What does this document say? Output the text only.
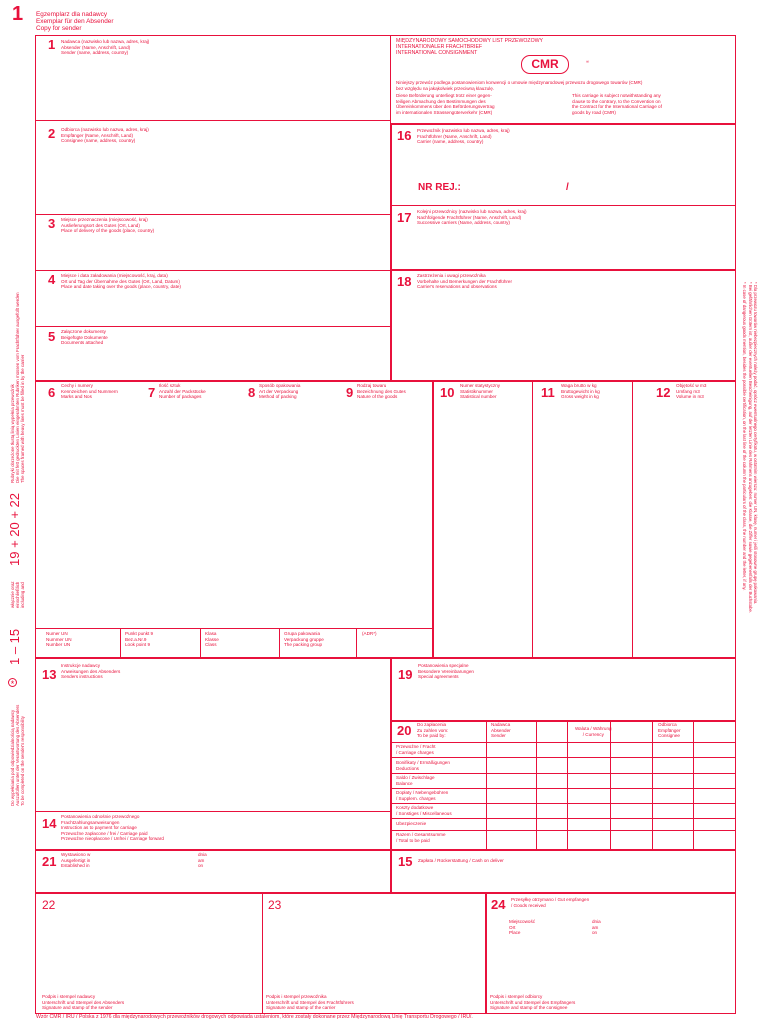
1 Egzemplarz dla nadawcy
Exemplar für den Absender
Copy for sender
MIĘDZYNARODOWY SAMOCHODOWY LIST PRZEWOZOWY
INTERNATIONALER FRACHTBRIEF
INTERNATIONAL CONSIGNMENT
CMR	ꟹ
Niniejszy przewóz podlega postanowieniom konwencji o umowie międzynarodowej przewozu drogowego towarów (CMR) bez względu na jakąkolwiek przeciwną klauzulę.
Diese Beförderung unterliegt trotz einer gegen-
teiligen Abmachung den Bestimmungen des
Übereinkommens über den Beförderungsvertrag
im internationalen Strassengüterverkehr (CMR)
This carriage is subject notwithstanding any
clause to the contrary, to the Convention on
the Contract for the International Carriage of
goods by road (CMR)
1 Nadawca (nazwisko lub nazwa, adres, kraj)
Absender (Name, Anschrift, Land)
Sender (name, address, country)
2 Odbiorca (nazwisko lub nazwa, adres, kraj)
Empfänger (Name, Anschrift, Land)
Consignee (name, address, country)
3 Miejsce przeznaczenia (miejscowość, kraj)
Auslieferungsort des Gutes (Ort, Land)
Place of delivery of the goods (place, country)
4 Miejsce i data załadowania (miejscowość, kraj, data)
Ort und Tag der Übernahme des Gutes (Ort, Land, Datum)
Place and date taking over the goods (place, country, date)
5 Załączone dokumenty
Beigefügte Dokumente
Documents attached
16 Przewoźnik (nazwisko lub nazwa, adres, kraj)
Frachtführer (Name, Anschrift, Land)
Carrier (name, address, country)
NR REJ.:	/
17 Kolejni przewoźnicy (nazwisko lub nazwa, adres, kraj)
Nachfolgende Frachtführer (Name, Anschrift, Land)
Successive carriers (Name, address, country)
18 Zastrzeżenia i uwagi przewoźnika
Vorbehalte und Bemerkungen der Frachtführer
Carrier's reservations and observations
6 Cechy i numery
Kennzeichen und Nummern
Marks and Nos	7 Ilość sztuk
Anzahl der Packstücke
Number of packages	8 Sposób opakowania
Art der Verpackung
Method of packing	9 Rodzaj towaru
Bezeichnung des Gutes
Nature of the goods	10 Numer statystyczny
Statistiknummer
Statistical number	11 Waga brutto w kg
Bruttogewicht in kg
Gross weight in kg	12 Objętość w m3
Umfang m3
Volume in m3
Numer UN
Nummer UN
Number UN
Punkt punkt 9
Bez.a.Nr.9
Look point 9
Klasa
Klasse
Class
Grupa pakowania
Verpackung gruppe
The packing group
(ADR*)
13
Instrukcje nadawcy
Anweisungen des Absenders
Senders instructions	19
Postanowienia specjalne
Besondere Vereinbarungen
Special agreements
20 Do zapłacenia
Zu zahlen vom:
To be paid by:
Nadawca
Absender
Sender
Waluta / Währung
/ Currency
Odbiorca
Empfänger
Consignee
Przewoźne / Fracht
/ Carriage charges
Bonifikaty / Ermäßigungen
Deductions
Saldo / Zwischlage
Balance
Dopłaty / Nebengebühren
/ Supplem. charges
Koszty dodatkowe
/ Sonstiges / Miscellaneous
Ubezpieczenie
Razem / Gesamtsumme
/ Total to be paid
14 Postanowienia odnośnie przewoźnego
Frachtzahlungsanweisungen
Instruction as to payment for carriage
Przewoźne zapłacone / frei / Carriage paid
Przewoźne nieopłacone / Unfrei / Carriage forward
21 Wystawiono w
Ausgefertigt in
Established in
dnia
am
on	15 Zapłata / Rückerstattung / Cash on deliver
22
Podpis i stempel nadawcy
Unterschrift und Stempel des Absenders
Signature and stamp of the sender
23
Podpis i stempel przewoźnika
Unterschrift und Stempel des Frachtführers
Signature and stamp of the carrier
24 Przesyłkę otrzymano / Gut empfangen
/ Goods received
Miejscowość
Ort
Place
dnia
am
on
Podpis i stempel odbiorcy
Unterschrift und Stempel des Empfängers
Signature and stamp of the consignee
Do wypełniania pod odpowiedzialnością nadawcy Auszufüllen unter der Verantwortung des Absenders To be completed on the sender's responsibility
*
1 – 15
włącznie oraz einschließlich including and
19 + 20 + 22
Rubryki obrzeżone tłustą linią wypełnia przewoźnik Die mit fett gedruckten Linien eingerahmten Rubriken müssen vom Frachtführer ausgefüllt werden The spaces framed with heavy lines must be filled in by the carrier	* Dla przewozu towarów niebezpiecznych należy podać, oprócz ewentualnego certyfikatu, w ostatnim wierszu: numer UN, klasę, numer i jeśli stosowne grupę pakowania.
* Bei gefährlichen Gütern ist, außer der eventuellen Bescheinigung, auf der letzten Linie des Rahmens anzugeben: die Klasse, die Ziffer sowie gegebenenfalls der Buchstabe.
* In case of dangerous goods mention, besides the possible certification, on the last line of the column the particulars of the class, the number and the letter, if any.
Wzór CMR / IRU / Polska z 1976 dla międzynarodowych przewoźników drogowych odpowiada ustaleniom, które zostały dokonane przez Międzynarodową Unię Transportu Drogowego / IRU/.
